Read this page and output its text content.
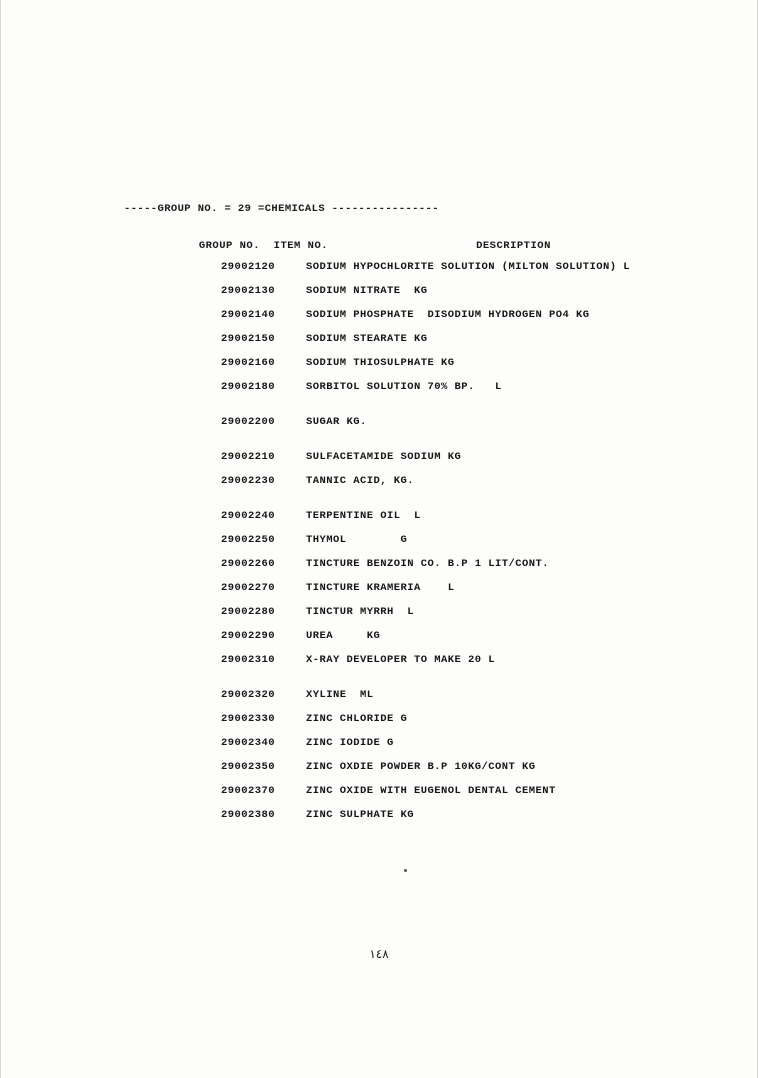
-----GROUP NO. = 29 =CHEMICALS ----------------

GROUP NO. ITEM NO.	DESCRIPTION

29002120	SODIUM HYPOCHLORITE SOLUTION (MILTON SOLUTION) L
29002130	SODIUM NITRATE  KG
29002140	SODIUM PHOSPHATE  DISODIUM HYDROGEN PO4 KG
29002150	SODIUM STEARATE KG
29002160	SODIUM THIOSULPHATE KG
29002180	SORBITOL SOLUTION 70% BP.   L
29002200	SUGAR KG.
29002210	SULFACETAMIDE SODIUM KG
29002230	TANNIC ACID, KG.
29002240	TERPENTINE OIL  L
29002250	THYMOL        G
29002260	TINCTURE BENZOIN CO. B.P 1 LIT/CONT.
29002270	TINCTURE KRAMERIA    L
29002280	TINCTUR MYRRH  L
29002290	UREA     KG
29002310	X-RAY DEVELOPER TO MAKE 20 L
29002320	XYLINE  ML
29002330	ZINC CHLORIDE G
29002340	ZINC IODIDE G
29002350	ZINC OXDIE POWDER B.P 10KG/CONT KG
29002370	ZINC OXIDE WITH EUGENOL DENTAL CEMENT
29002380	ZINC SULPHATE KG
١٤٨
